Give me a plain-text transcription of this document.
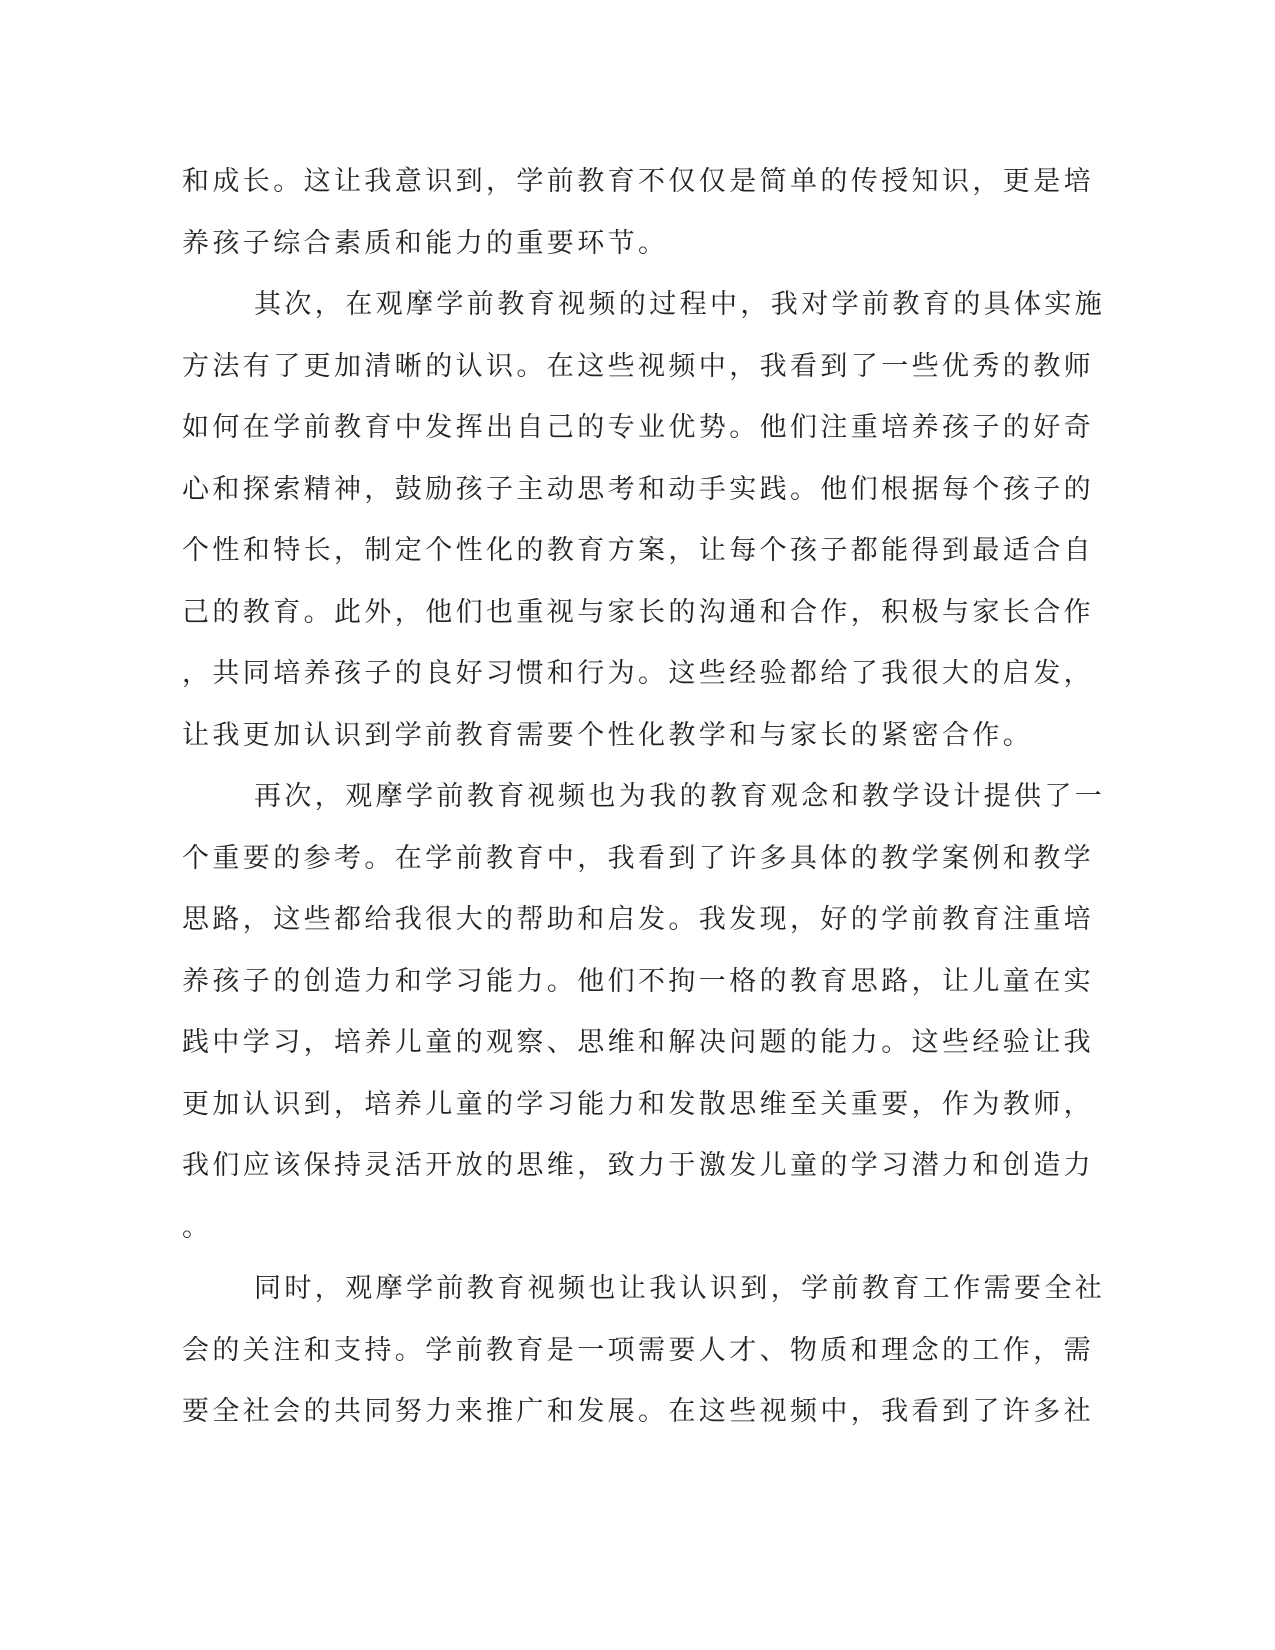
和成长。这让我意识到，学前教育不仅仅是简单的传授知识，更是培
养孩子综合素质和能力的重要环节。
其次，在观摩学前教育视频的过程中，我对学前教育的具体实施
方法有了更加清晰的认识。在这些视频中，我看到了一些优秀的教师
如何在学前教育中发挥出自己的专业优势。他们注重培养孩子的好奇
心和探索精神，鼓励孩子主动思考和动手实践。他们根据每个孩子的
个性和特长，制定个性化的教育方案，让每个孩子都能得到最适合自
己的教育。此外，他们也重视与家长的沟通和合作，积极与家长合作
，共同培养孩子的良好习惯和行为。这些经验都给了我很大的启发，
让我更加认识到学前教育需要个性化教学和与家长的紧密合作。
再次，观摩学前教育视频也为我的教育观念和教学设计提供了一
个重要的参考。在学前教育中，我看到了许多具体的教学案例和教学
思路，这些都给我很大的帮助和启发。我发现，好的学前教育注重培
养孩子的创造力和学习能力。他们不拘一格的教育思路，让儿童在实
践中学习，培养儿童的观察、思维和解决问题的能力。这些经验让我
更加认识到，培养儿童的学习能力和发散思维至关重要，作为教师，
我们应该保持灵活开放的思维，致力于激发儿童的学习潜力和创造力
。
同时，观摩学前教育视频也让我认识到，学前教育工作需要全社
会的关注和支持。学前教育是一项需要人才、物质和理念的工作，需
要全社会的共同努力来推广和发展。在这些视频中，我看到了许多社
